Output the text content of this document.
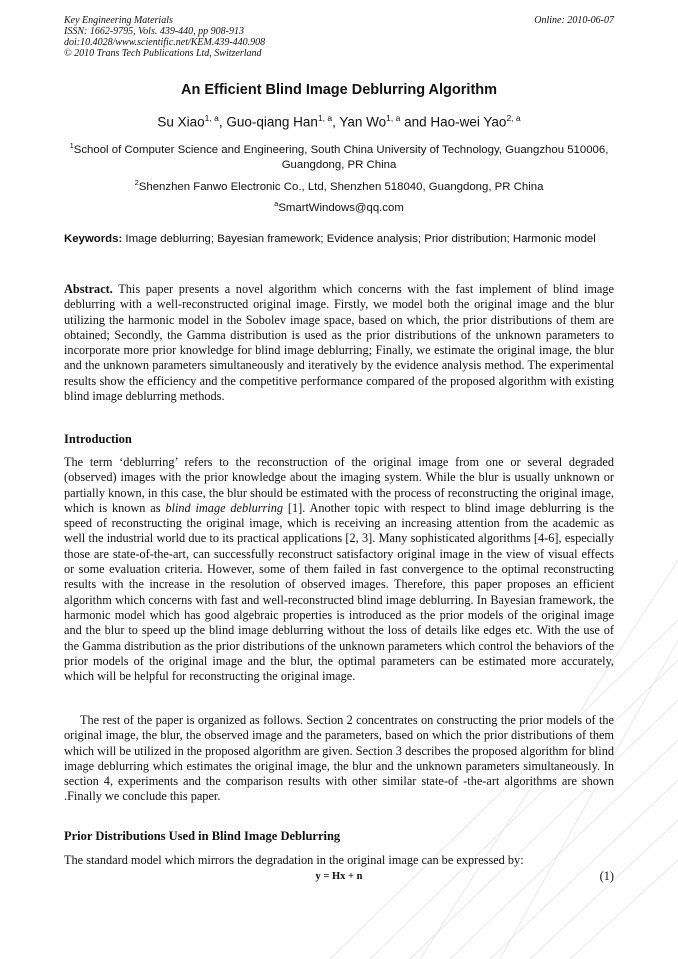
Key Engineering Materials
ISSN: 1662-9795, Vols. 439-440, pp 908-913
doi:10.4028/www.scientific.net/KEM.439-440.908
© 2010 Trans Tech Publications Ltd, Switzerland
Online: 2010-06-07
An Efficient Blind Image Deblurring Algorithm
Su Xiao$^{1, a}$, Guo-qiang Han$^{1, a}$, Yan Wo$^{1, a}$ and Hao-wei Yao$^{2, a}$
$^1$School of Computer Science and Engineering, South China University of Technology, Guangzhou 510006, Guangdong, PR China
$^2$Shenzhen Fanwo Electronic Co., Ltd, Shenzhen 518040, Guangdong, PR China
$^a$SmartWindows@qq.com
Keywords: Image deblurring; Bayesian framework; Evidence analysis; Prior distribution; Harmonic model
Abstract. This paper presents a novel algorithm which concerns with the fast implement of blind image deblurring with a well-reconstructed original image. Firstly, we model both the original image and the blur utilizing the harmonic model in the Sobolev image space, based on which, the prior distributions of them are obtained; Secondly, the Gamma distribution is used as the prior distributions of the unknown parameters to incorporate more prior knowledge for blind image deblurring; Finally, we estimate the original image, the blur and the unknown parameters simultaneously and iteratively by the evidence analysis method. The experimental results show the efficiency and the competitive performance compared of the proposed algorithm with existing blind image deblurring methods.
Introduction
The term ‘deblurring’ refers to the reconstruction of the original image from one or several degraded (observed) images with the prior knowledge about the imaging system. While the blur is usually unknown or partially known, in this case, the blur should be estimated with the process of reconstructing the original image, which is known as blind image deblurring [1]. Another topic with respect to blind image deblurring is the speed of reconstructing the original image, which is receiving an increasing attention from the academic as well the industrial world due to its practical applications [2, 3]. Many sophisticated algorithms [4-6], especially those are state-of-the-art, can successfully reconstruct satisfactory original image in the view of visual effects or some evaluation criteria. However, some of them failed in fast convergence to the optimal reconstructing results with the increase in the resolution of observed images. Therefore, this paper proposes an efficient algorithm which concerns with fast and well-reconstructed blind image deblurring. In Bayesian framework, the harmonic model which has good algebraic properties is introduced as the prior models of the original image and the blur to speed up the blind image deblurring without the loss of details like edges etc. With the use of the Gamma distribution as the prior distributions of the unknown parameters which control the behaviors of the prior models of the original image and the blur, the optimal parameters can be estimated more accurately, which will be helpful for reconstructing the original image.
The rest of the paper is organized as follows. Section 2 concentrates on constructing the prior models of the original image, the blur, the observed image and the parameters, based on which the prior distributions of them which will be utilized in the proposed algorithm are given. Section 3 describes the proposed algorithm for blind image deblurring which estimates the original image, the blur and the unknown parameters simultaneously. In section 4, experiments and the comparison results with other similar state-of -the-art algorithms are shown .Finally we conclude this paper.
Prior Distributions Used in Blind Image Deblurring
The standard model which mirrors the degradation in the original image can be expressed by:
y = Hx + n	(1)
